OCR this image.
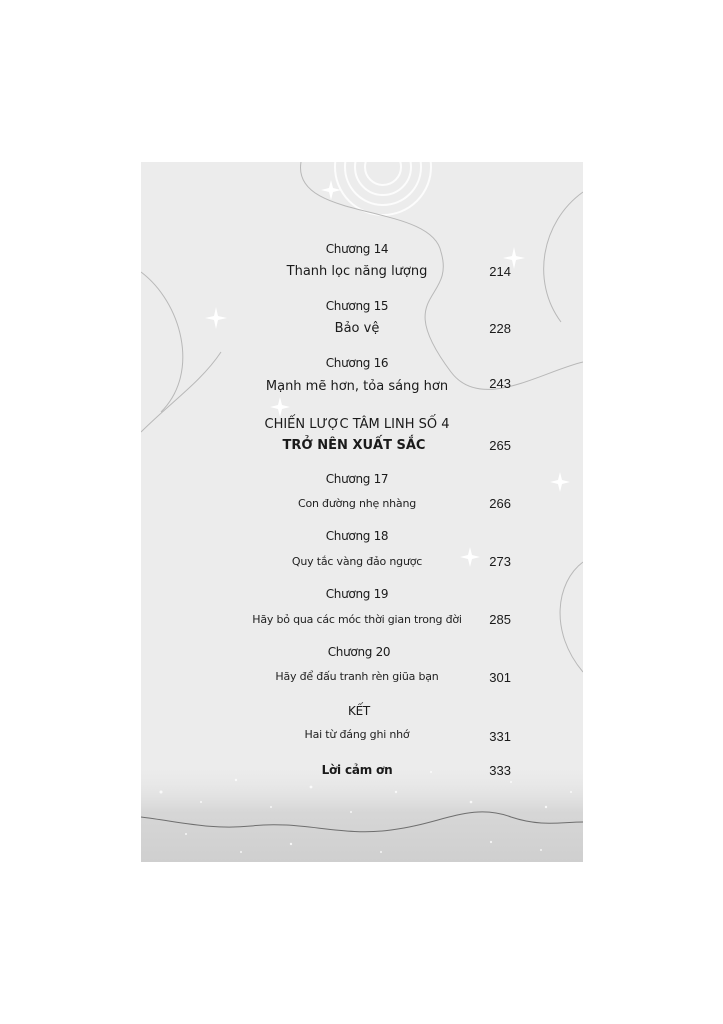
Chương 14
Thanh lọc năng lượng	214
Chương 15
Bảo vệ	228
Chương 16
Mạnh mẽ hơn, tỏa sáng hơn	243
CHIẾN LƯỢC TÂM LINH SỐ 4
TRỞ NÊN XUẤT SẮC	265
Chương 17
Con đường nhẹ nhàng	266
Chương 18
Quy tắc vàng đảo ngược	273
Chương 19
Hãy bỏ qua các móc thời gian trong đời 285
Chương 20
Hãy để đấu tranh rèn giũa bạn	301
KẾT
Hai từ đáng ghi nhớ	331
Lời cảm ơn	333
